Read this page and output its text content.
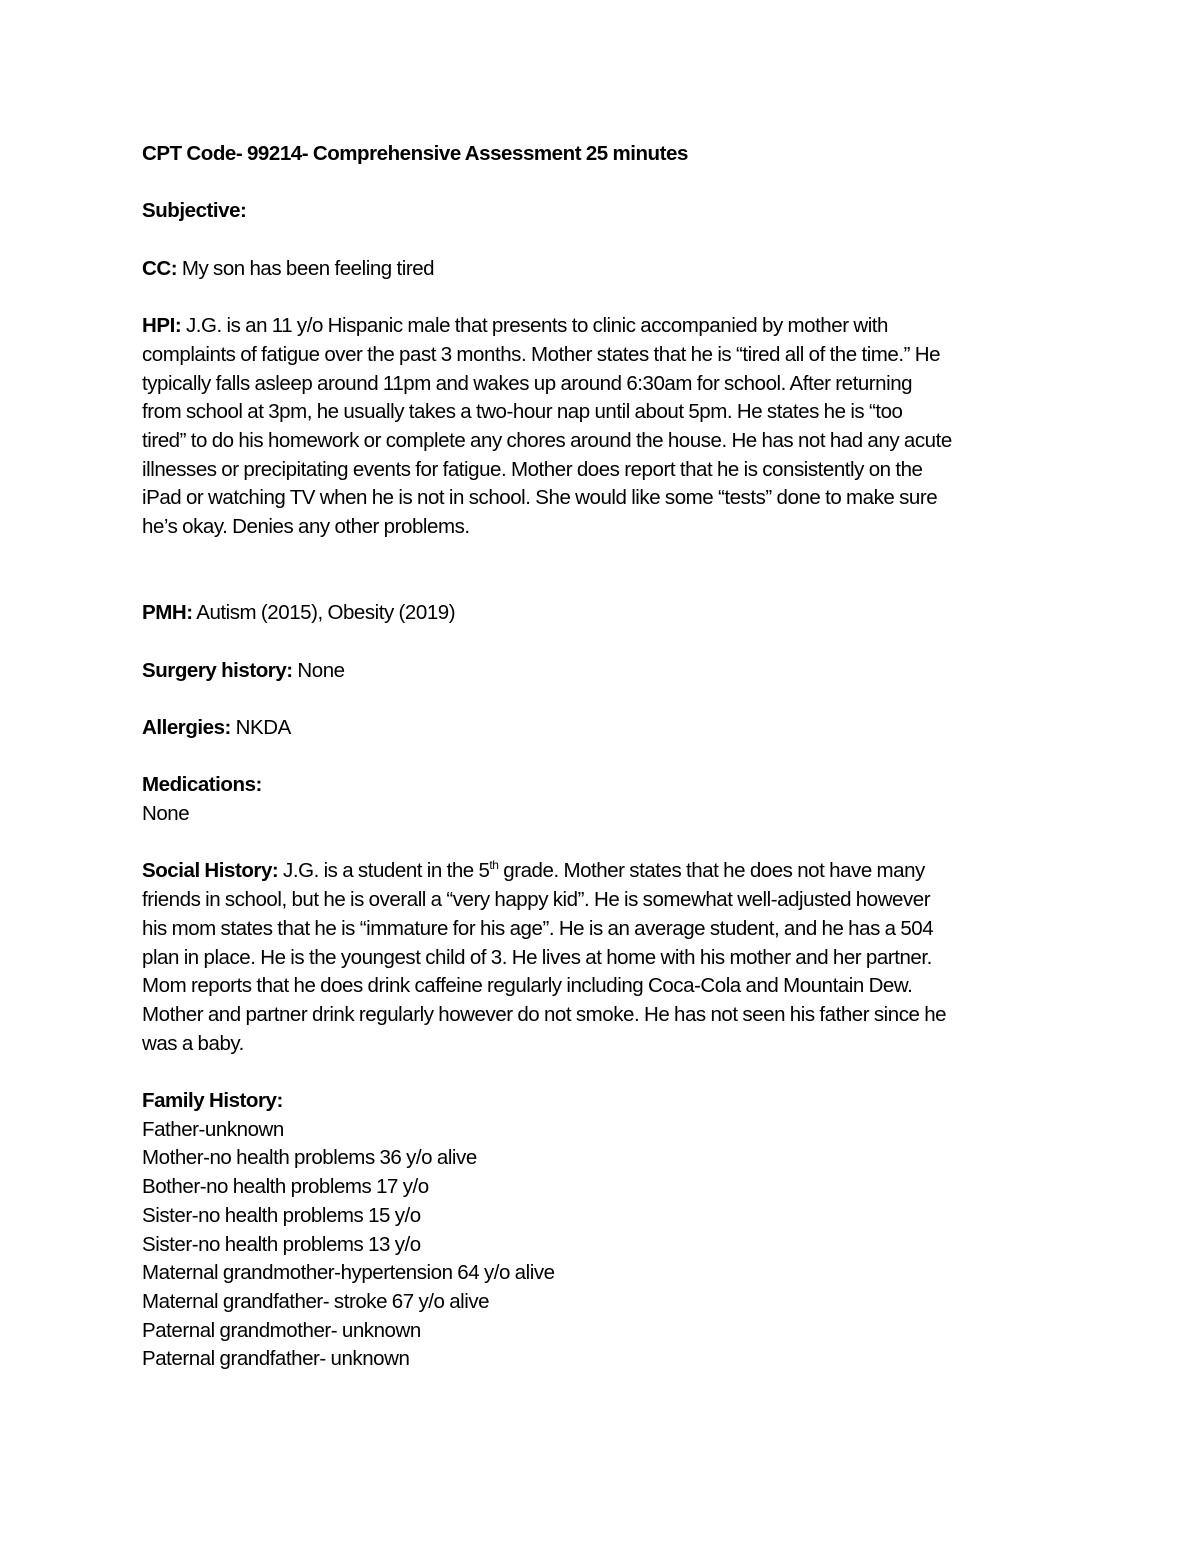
CPT Code- 99214- Comprehensive Assessment 25 minutes

Subjective:

CC: My son has been feeling tired

HPI: J.G. is an 11 y/o Hispanic male that presents to clinic accompanied by mother with
complaints of fatigue over the past 3 months. Mother states that he is “tired all of the time.” He
typically falls asleep around 11pm and wakes up around 6:30am for school. After returning
from school at 3pm, he usually takes a two-hour nap until about 5pm. He states he is “too
tired” to do his homework or complete any chores around the house. He has not had any acute
illnesses or precipitating events for fatigue. Mother does report that he is consistently on the
iPad or watching TV when he is not in school. She would like some “tests” done to make sure
he’s okay. Denies any other problems.

PMH: Autism (2015), Obesity (2019)

Surgery history: None

Allergies: NKDA

Medications:
None
Social History: J.G. is a student in the 5th grade. Mother states that he does not have many
friends in school, but he is overall a “very happy kid”. He is somewhat well-adjusted however
his mom states that he is “immature for his age”. He is an average student, and he has a 504
plan in place. He is the youngest child of 3. He lives at home with his mother and her partner.
Mom reports that he does drink caffeine regularly including Coca-Cola and Mountain Dew.
Mother and partner drink regularly however do not smoke. He has not seen his father since he
was a baby.
Family History:
Father-unknown
Mother-no health problems 36 y/o alive
Bother-no health problems 17 y/o
Sister-no health problems 15 y/o
Sister-no health problems 13 y/o
Maternal grandmother-hypertension 64 y/o alive
Maternal grandfather- stroke 67 y/o alive
Paternal grandmother- unknown
Paternal grandfather- unknown
